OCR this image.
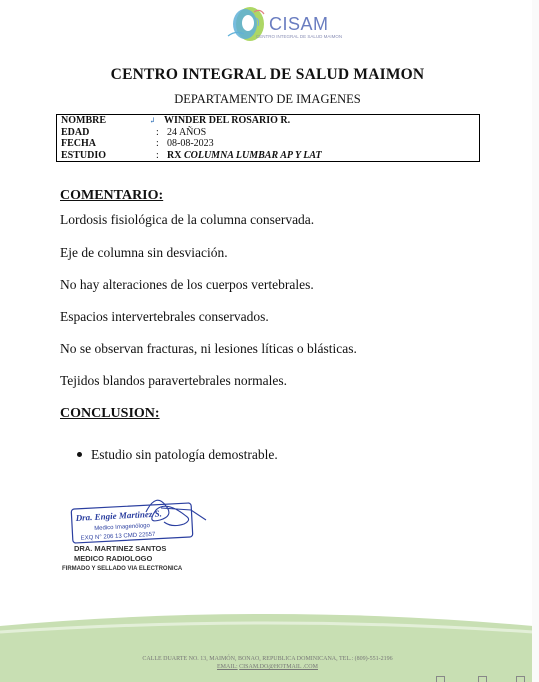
CISAM
CENTRO INTEGRAL DE SALUD MAIMON
CENTRO INTEGRAL DE SALUD MAIMON
DEPARTAMENTO DE IMAGENES
NOMBRE	↲ WINDER DEL ROSARIO R.
EDAD	: 24 AÑOS
FECHA	: 08-08-2023
ESTUDIO	: RX COLUMNA LUMBAR AP Y LAT
COMENTARIO:
Lordosis fisiológica de la columna conservada.
Eje de columna sin desviación.
No hay alteraciones de los cuerpos vertebrales.
Espacios intervertebrales conservados.
No se observan fracturas, ni lesiones líticas o blásticas.
Tejidos blandos paravertebrales normales.
CONCLUSION:
Estudio sin patología demostrable.
Dra. Engie Martinez S.
Medico Imagenólogo
EXQ N° 206 13 CMD 22557
DRA. MARTINEZ SANTOS
MEDICO RADIOLOGO
FIRMADO Y SELLADO VIA ELECTRONICA
CALLE DUARTE NO. 13, MAIMÓN, BONAO, REPUBLICA DOMINICANA, TEL.: (809)-551-2196
EMAIL: CISAM.DO@HOTMAIL .COM
